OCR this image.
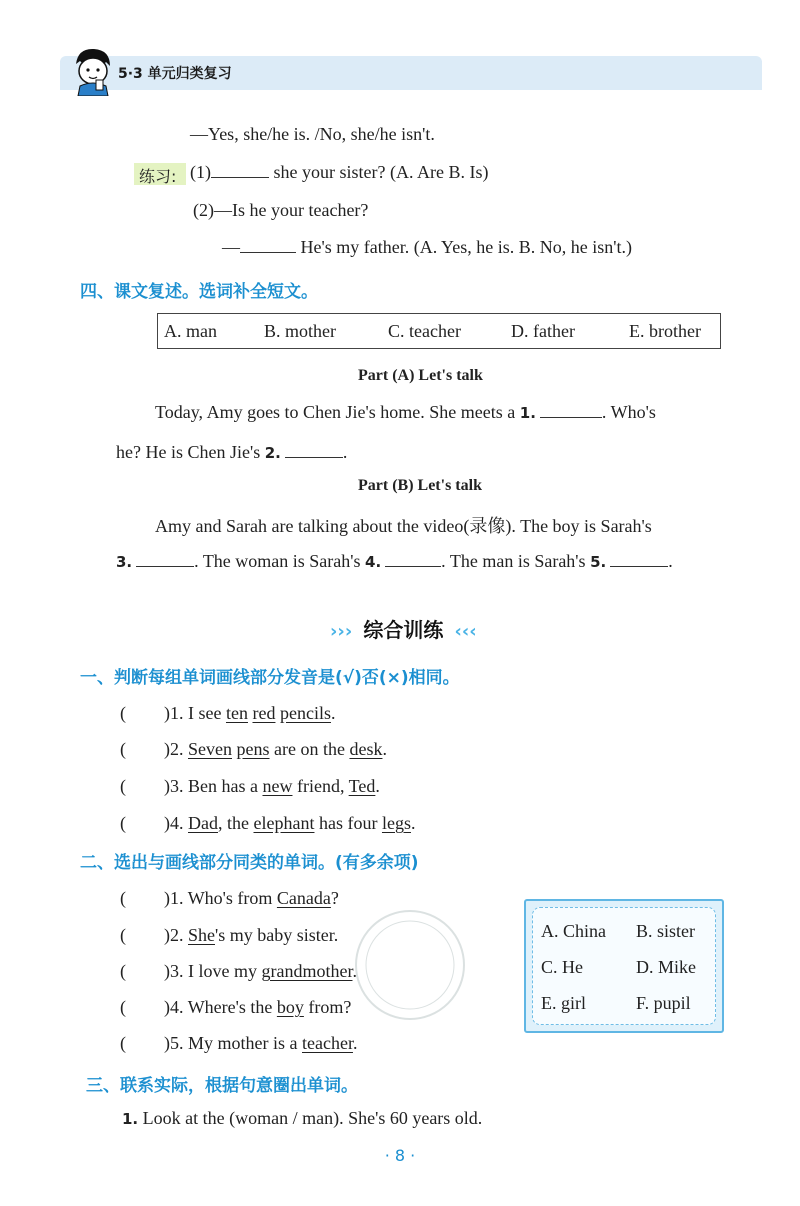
5·3 单元归类复习
—Yes, she/he is. /No, she/he isn't.
练习: (1)	she your sister? (A. Are B. Is)
(2)—Is he your teacher?
—	He's my father. (A. Yes, he is. B. No, he isn't.)
四、课文复述。选词补全短文。
A. man	B. mother	C. teacher	D. father	E. brother
Part (A) Let's talk
Today, Amy goes to Chen Jie's home. She meets a 1.	. Who's
he? He is Chen Jie's 2.	.
Part (B) Let's talk
Amy and Sarah are talking about the video(录像). The boy is Sarah's
3.	. The woman is Sarah's 4.	. The man is Sarah's 5.	.
››› 综合训练 ‹‹‹
一、判断每组单词画线部分发音是(√)否(×)相同。
( )1. I see ten red pencils.
( )2. Seven pens are on the desk.
( )3. Ben has a new friend, Ted.
( )4. Dad, the elephant has four legs.
二、选出与画线部分同类的单词。(有多余项)
( )1. Who's from Canada?
( )2. She's my baby sister.
( )3. I love my grandmother.
( )4. Where's the boy from?
( )5. My mother is a teacher.
A. China B. sister
C. He	D. Mike
E. girl	F. pupil
三、联系实际，根据句意圈出单词。
1. Look at the (woman / man). She's 60 years old.
· 8 ·
